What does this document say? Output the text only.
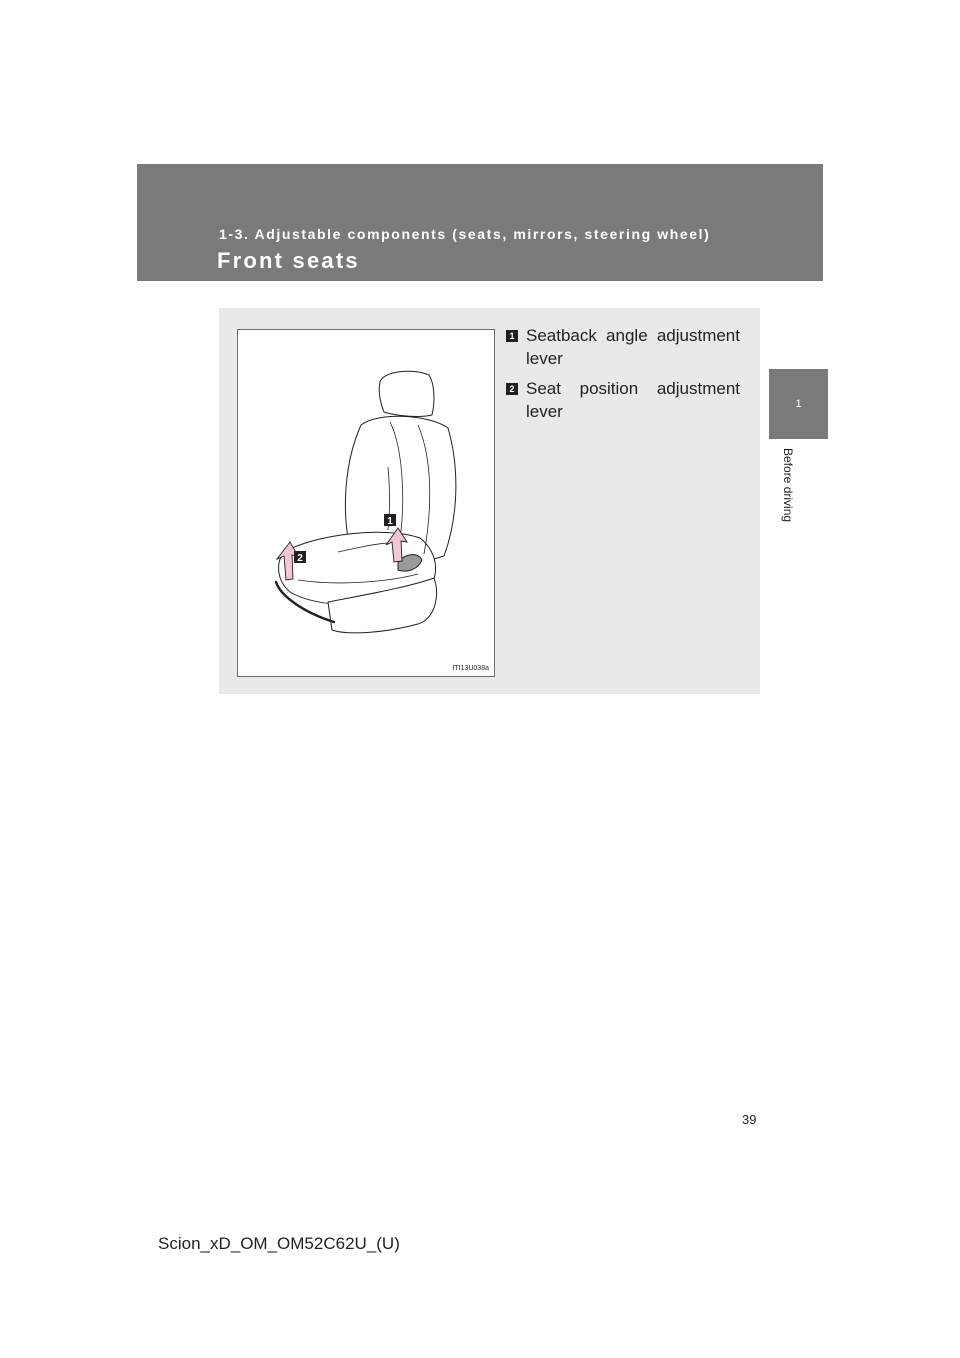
1-3. Adjustable components (seats, mirrors, steering wheel)
Front seats
1
Before driving
1
2
ITI13U038a
1 Seatback angle adjustment lever
2 Seat position adjustment lever
39
Scion_xD_OM_OM52C62U_(U)
